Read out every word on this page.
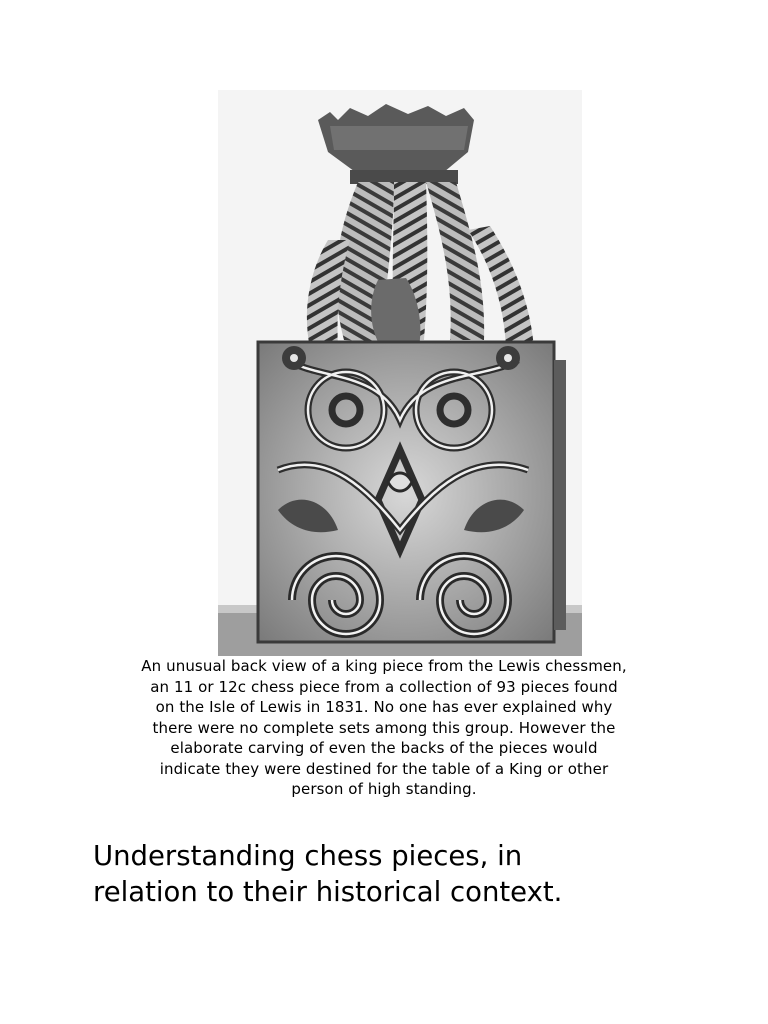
An unusual back view of a king piece from the Lewis chessmen,
an 11 or 12c chess piece from a collection of 93 pieces found
on the Isle of Lewis in 1831. No one has ever explained why
there were no complete sets among this group. However the
elaborate carving of even the backs of the pieces would
indicate they were destined for the table of a King or other
person of high standing.
Understanding chess pieces, in
relation to their historical context.
